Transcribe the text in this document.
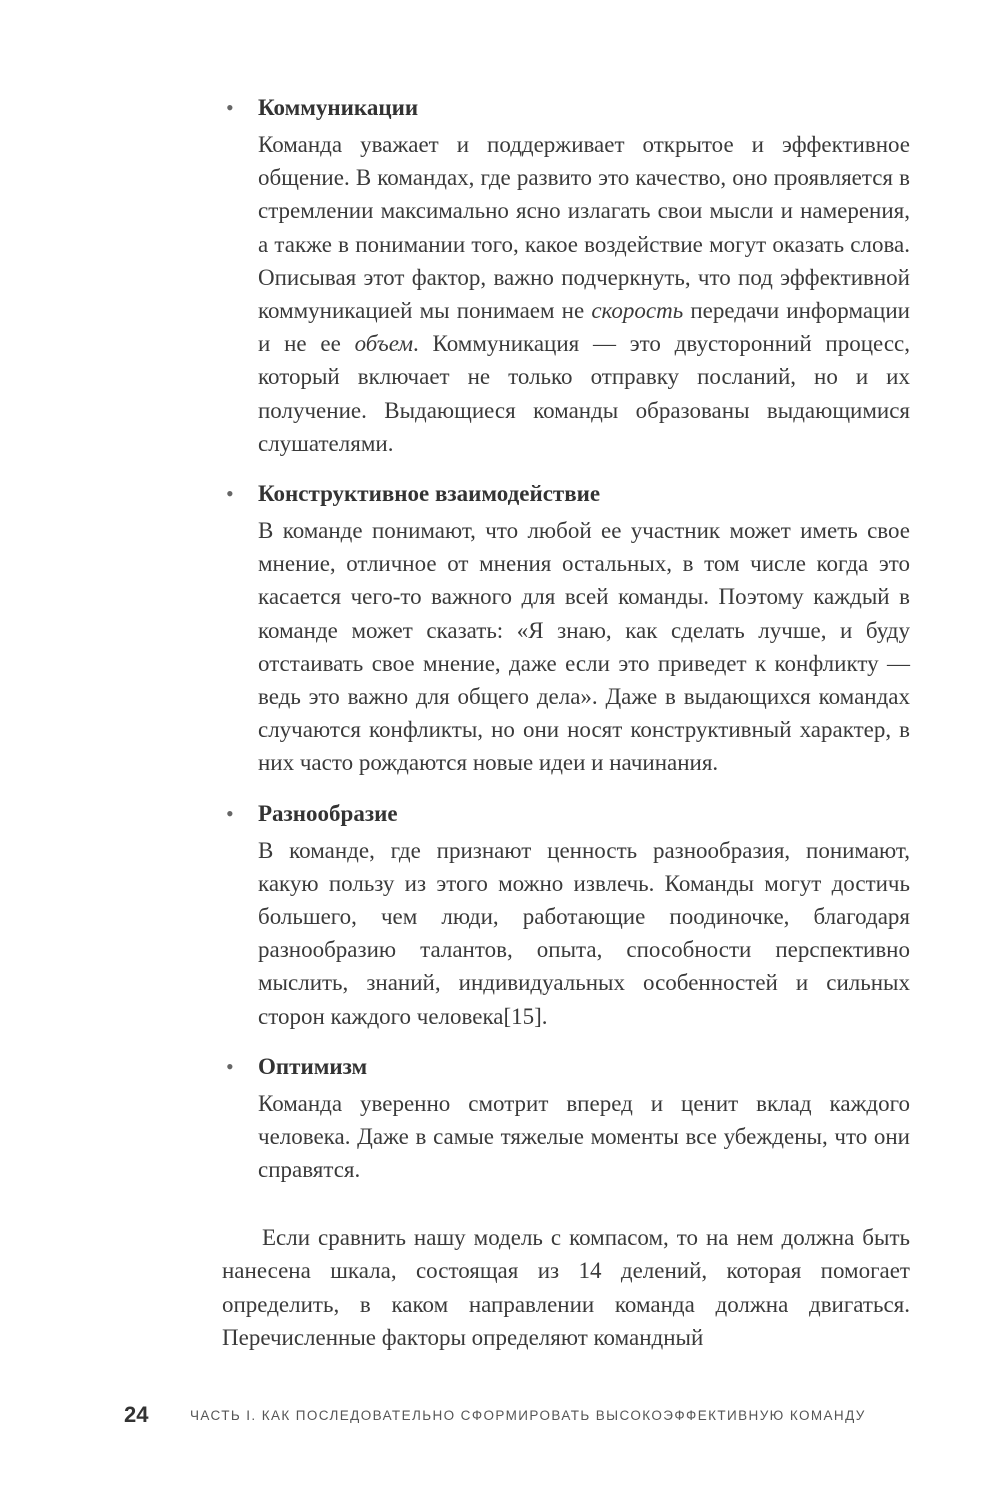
• Коммуникации
Команда уважает и поддерживает открытое и эффективное общение. В командах, где развито это качество, оно проявляется в стремлении максимально ясно излагать свои мысли и намерения, а также в понимании того, какое воздействие могут оказать слова. Описывая этот фактор, важно подчеркнуть, что под эффективной коммуникацией мы понимаем не скорость передачи информации и не ее объем. Коммуникация — это двусторонний процесс, который включает не только отправку посланий, но и их получение. Выдающиеся команды образованы выдающимися слушателями.
• Конструктивное взаимодействие
В команде понимают, что любой ее участник может иметь свое мнение, отличное от мнения остальных, в том числе когда это касается чего-то важного для всей команды. Поэтому каждый в команде может сказать: «Я знаю, как сделать лучше, и буду отстаивать свое мнение, даже если это приведет к конфликту — ведь это важно для общего дела». Даже в выдающихся командах случаются конфликты, но они носят конструктивный характер, в них часто рождаются новые идеи и начинания.
• Разнообразие
В команде, где признают ценность разнообразия, понимают, какую пользу из этого можно извлечь. Команды могут достичь большего, чем люди, работающие поодиночке, благодаря разнообразию талантов, опыта, способности перспективно мыслить, знаний, индивидуальных особенностей и сильных сторон каждого человека[15].
• Оптимизм
Команда уверенно смотрит вперед и ценит вклад каждого человека. Даже в самые тяжелые моменты все убеждены, что они справятся.

Если сравнить нашу модель с компасом, то на нем должна быть нанесена шкала, состоящая из 14 делений, которая помогает определить, в каком направлении команда должна двигаться. Перечисленные факторы определяют командный

24	ЧАСТЬ I. КАК ПОСЛЕДОВАТЕЛЬНО СФОРМИРОВАТЬ ВЫСОКОЭФФЕКТИВНУЮ КОМАНДУ
